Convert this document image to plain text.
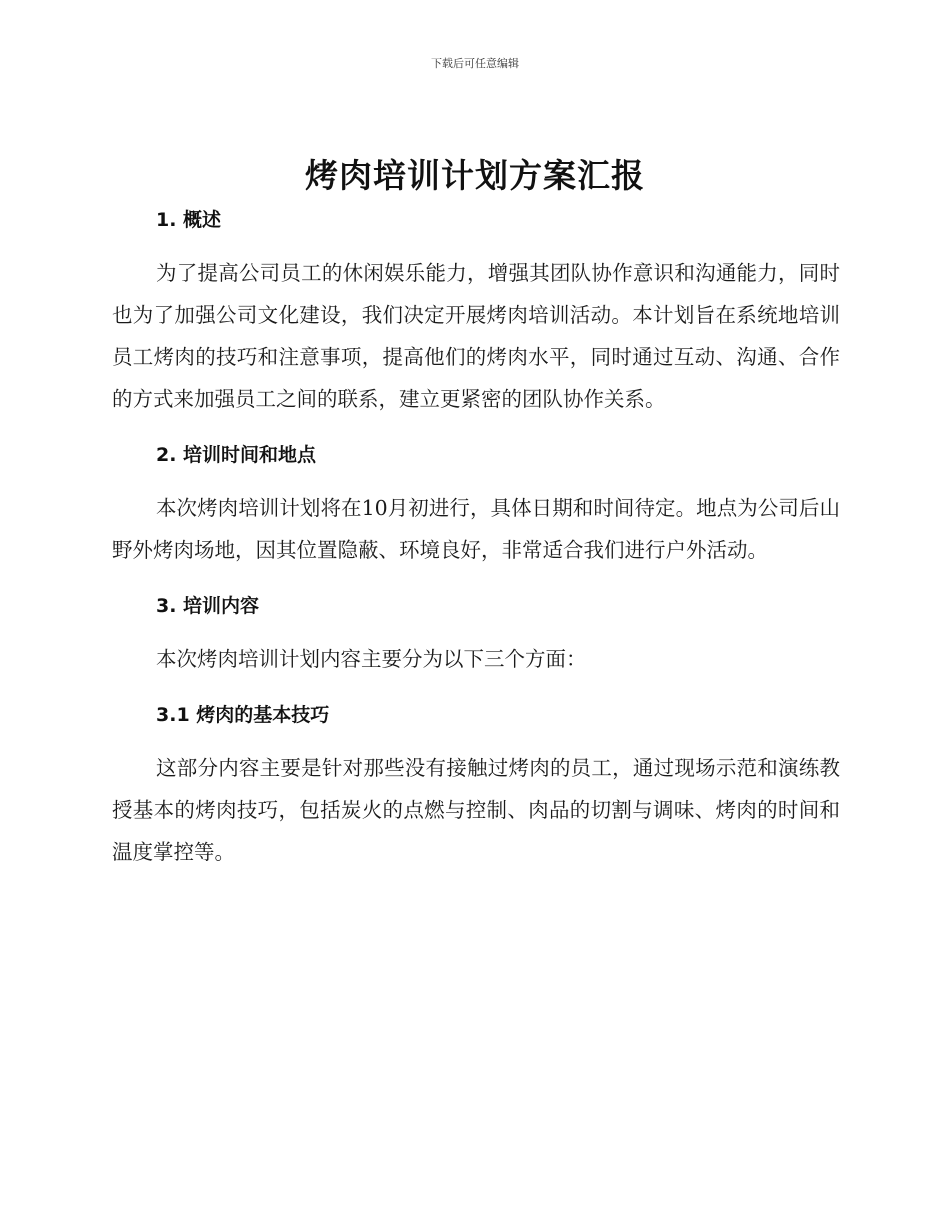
下载后可任意编辑
烤肉培训计划方案汇报
1. 概述

为了提高公司员工的休闲娱乐能力，增强其团队协作意识和沟通能力，同时也为了加强公司文化建设，我们决定开展烤肉培训活动。本计划旨在系统地培训员工烤肉的技巧和注意事项，提高他们的烤肉水平，同时通过互动、沟通、合作的方式来加强员工之间的联系，建立更紧密的团队协作关系。

2. 培训时间和地点

本次烤肉培训计划将在10月初进行，具体日期和时间待定。地点为公司后山野外烤肉场地，因其位置隐蔽、环境良好，非常适合我们进行户外活动。

3. 培训内容

本次烤肉培训计划内容主要分为以下三个方面：

3.1 烤肉的基本技巧

这部分内容主要是针对那些没有接触过烤肉的员工，通过现场示范和演练教授基本的烤肉技巧，包括炭火的点燃与控制、肉品的切割与调味、烤肉的时间和温度掌控等。
